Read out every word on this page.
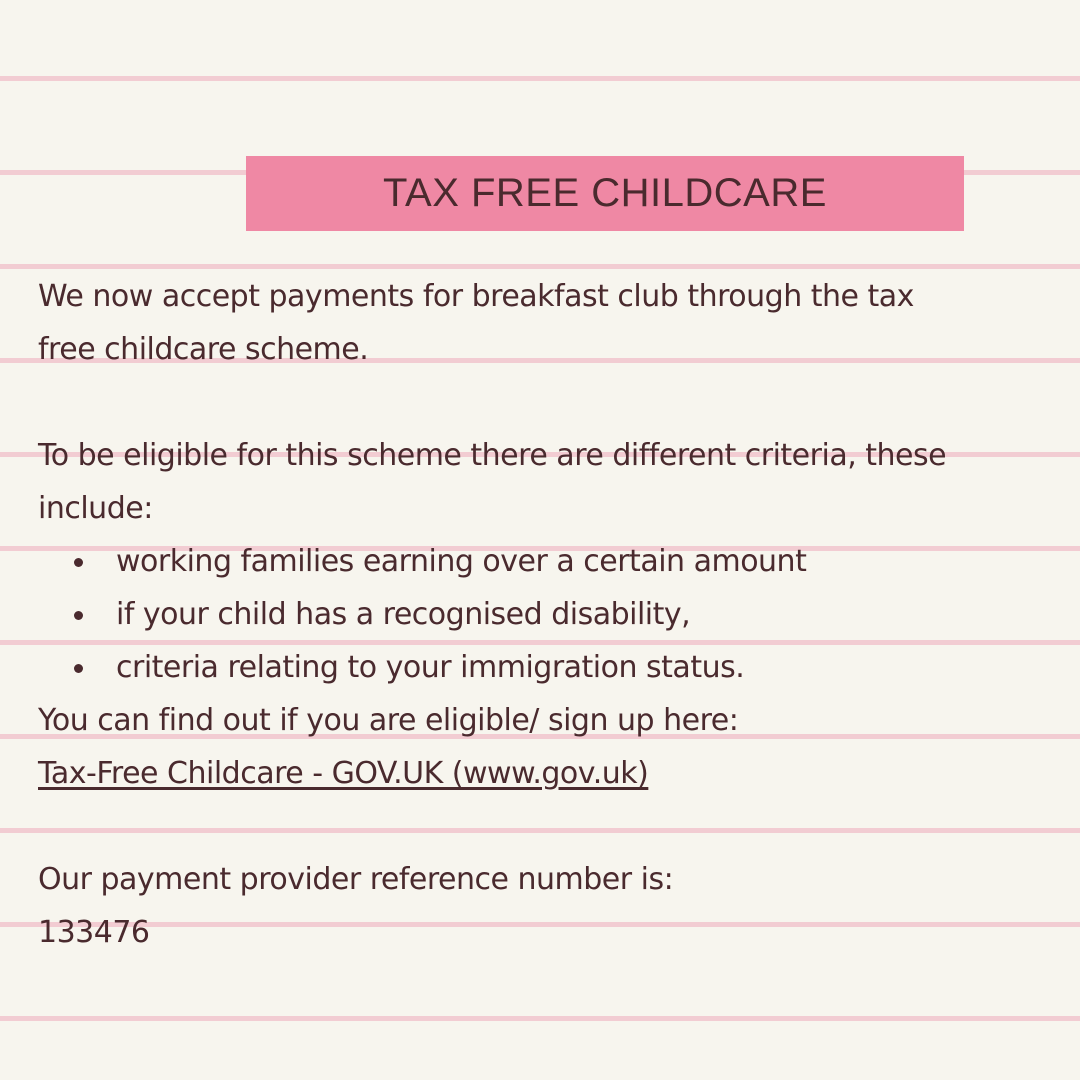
TAX FREE CHILDCARE
We now accept payments for breakfast club through the tax
free childcare scheme.
To be eligible for this scheme there are different criteria, these
include:
working families earning over a certain amount
if your child has a recognised disability,
criteria relating to your immigration status.
You can find out if you are eligible/ sign up here:
Tax-Free Childcare - GOV.UK (www.gov.uk)
Our payment provider reference number is:
133476
